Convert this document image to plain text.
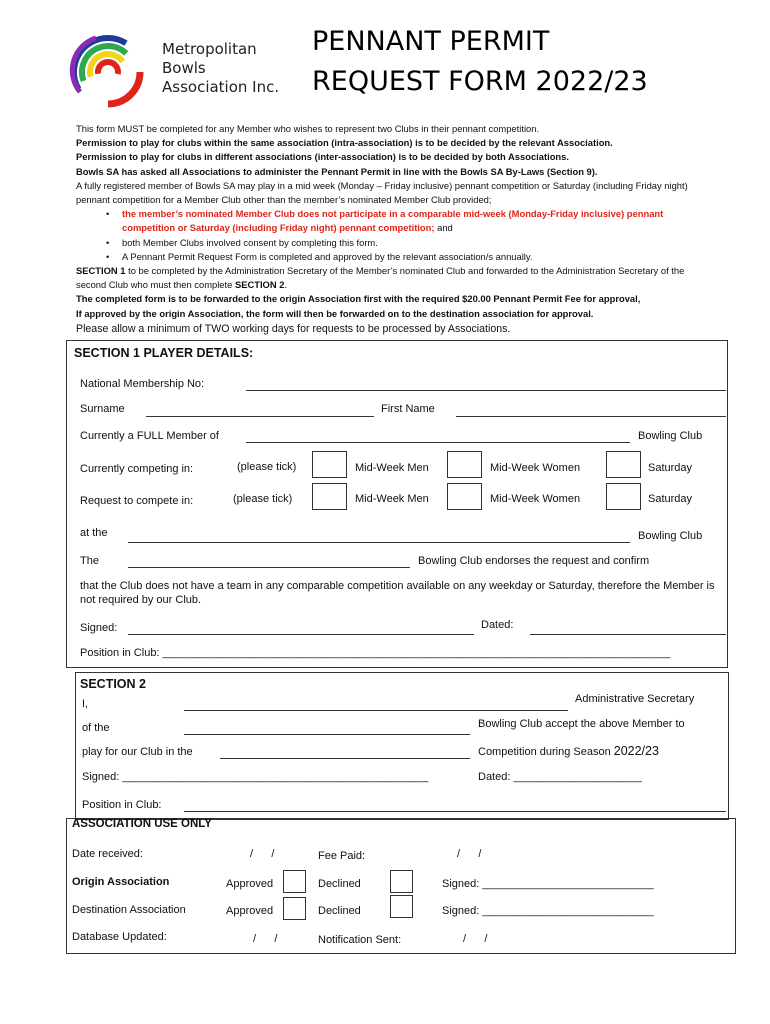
Metropolitan
Bowls
Association Inc.
PENNANT PERMIT
REQUEST FORM 2022/23

This form MUST be completed for any Member who wishes to represent two Clubs in their pennant competition.

Permission to play for clubs within the same association (intra-association) is to be decided by the relevant Association.

Permission to play for clubs in different associations (inter-association) is to be decided by both Associations.

Bowls SA has asked all Associations to administer the Pennant Permit in line with the Bowls SA By-Laws (Section 9).

A fully registered member of Bowls SA may play in a mid week (Monday – Friday inclusive) pennant competition or Saturday (including Friday night) pennant competition for a Member Club other than the member’s nominated Member Club provided;

• the member’s nominated Member Club does not participate in a comparable mid-week (Monday-Friday inclusive) pennant competition or Saturday (including Friday night) pennant competition; and
• both Member Clubs involved consent by completing this form.
• A Pennant Permit Request Form is completed and approved by the relevant association/s annually.

SECTION 1 to be completed by the Administration Secretary of the Member’s nominated Club and forwarded to the Administration Secretary of the second Club who must then complete SECTION 2.

The completed form is to be forwarded to the origin Association first with the required $20.00 Pennant Permit Fee for approval,

If approved by the origin Association, the form will then be forwarded on to the destination association for approval.

Please allow a minimum of TWO working days for requests to be processed by Associations.

SECTION 1 PLAYER DETAILS:
National Membership No:
Surname	First Name
Currently a FULL Member of	Bowling Club
Currently competing in:	(please tick)	Mid-Week Men	Mid-Week Women	Saturday
Request to compete in:	(please tick)	Mid-Week Men	Mid-Week Women	Saturday
at the	Bowling Club
The	Bowling Club endorses the request and confirm
that the Club does not have a team in any comparable competition available on any weekday or Saturday, therefore the Member is not required by our Club.
Signed:	Dated:
Position in Club: ___________________________________________________________________________________
SECTION 2
I,	Administrative Secretary
of the	Bowling Club accept the above Member to
play for our Club in the	Competition during Season 2022/23
Signed: __________________________________________________	Dated: _____________________
Position in Club:
ASSOCIATION USE ONLY
Date received:	/      /	Fee Paid:	/      /
Origin Association	Approved	Declined	Signed: ____________________________
Destination Association	Approved	Declined	Signed: ____________________________
Database Updated:	/      /	Notification Sent:	/      /
